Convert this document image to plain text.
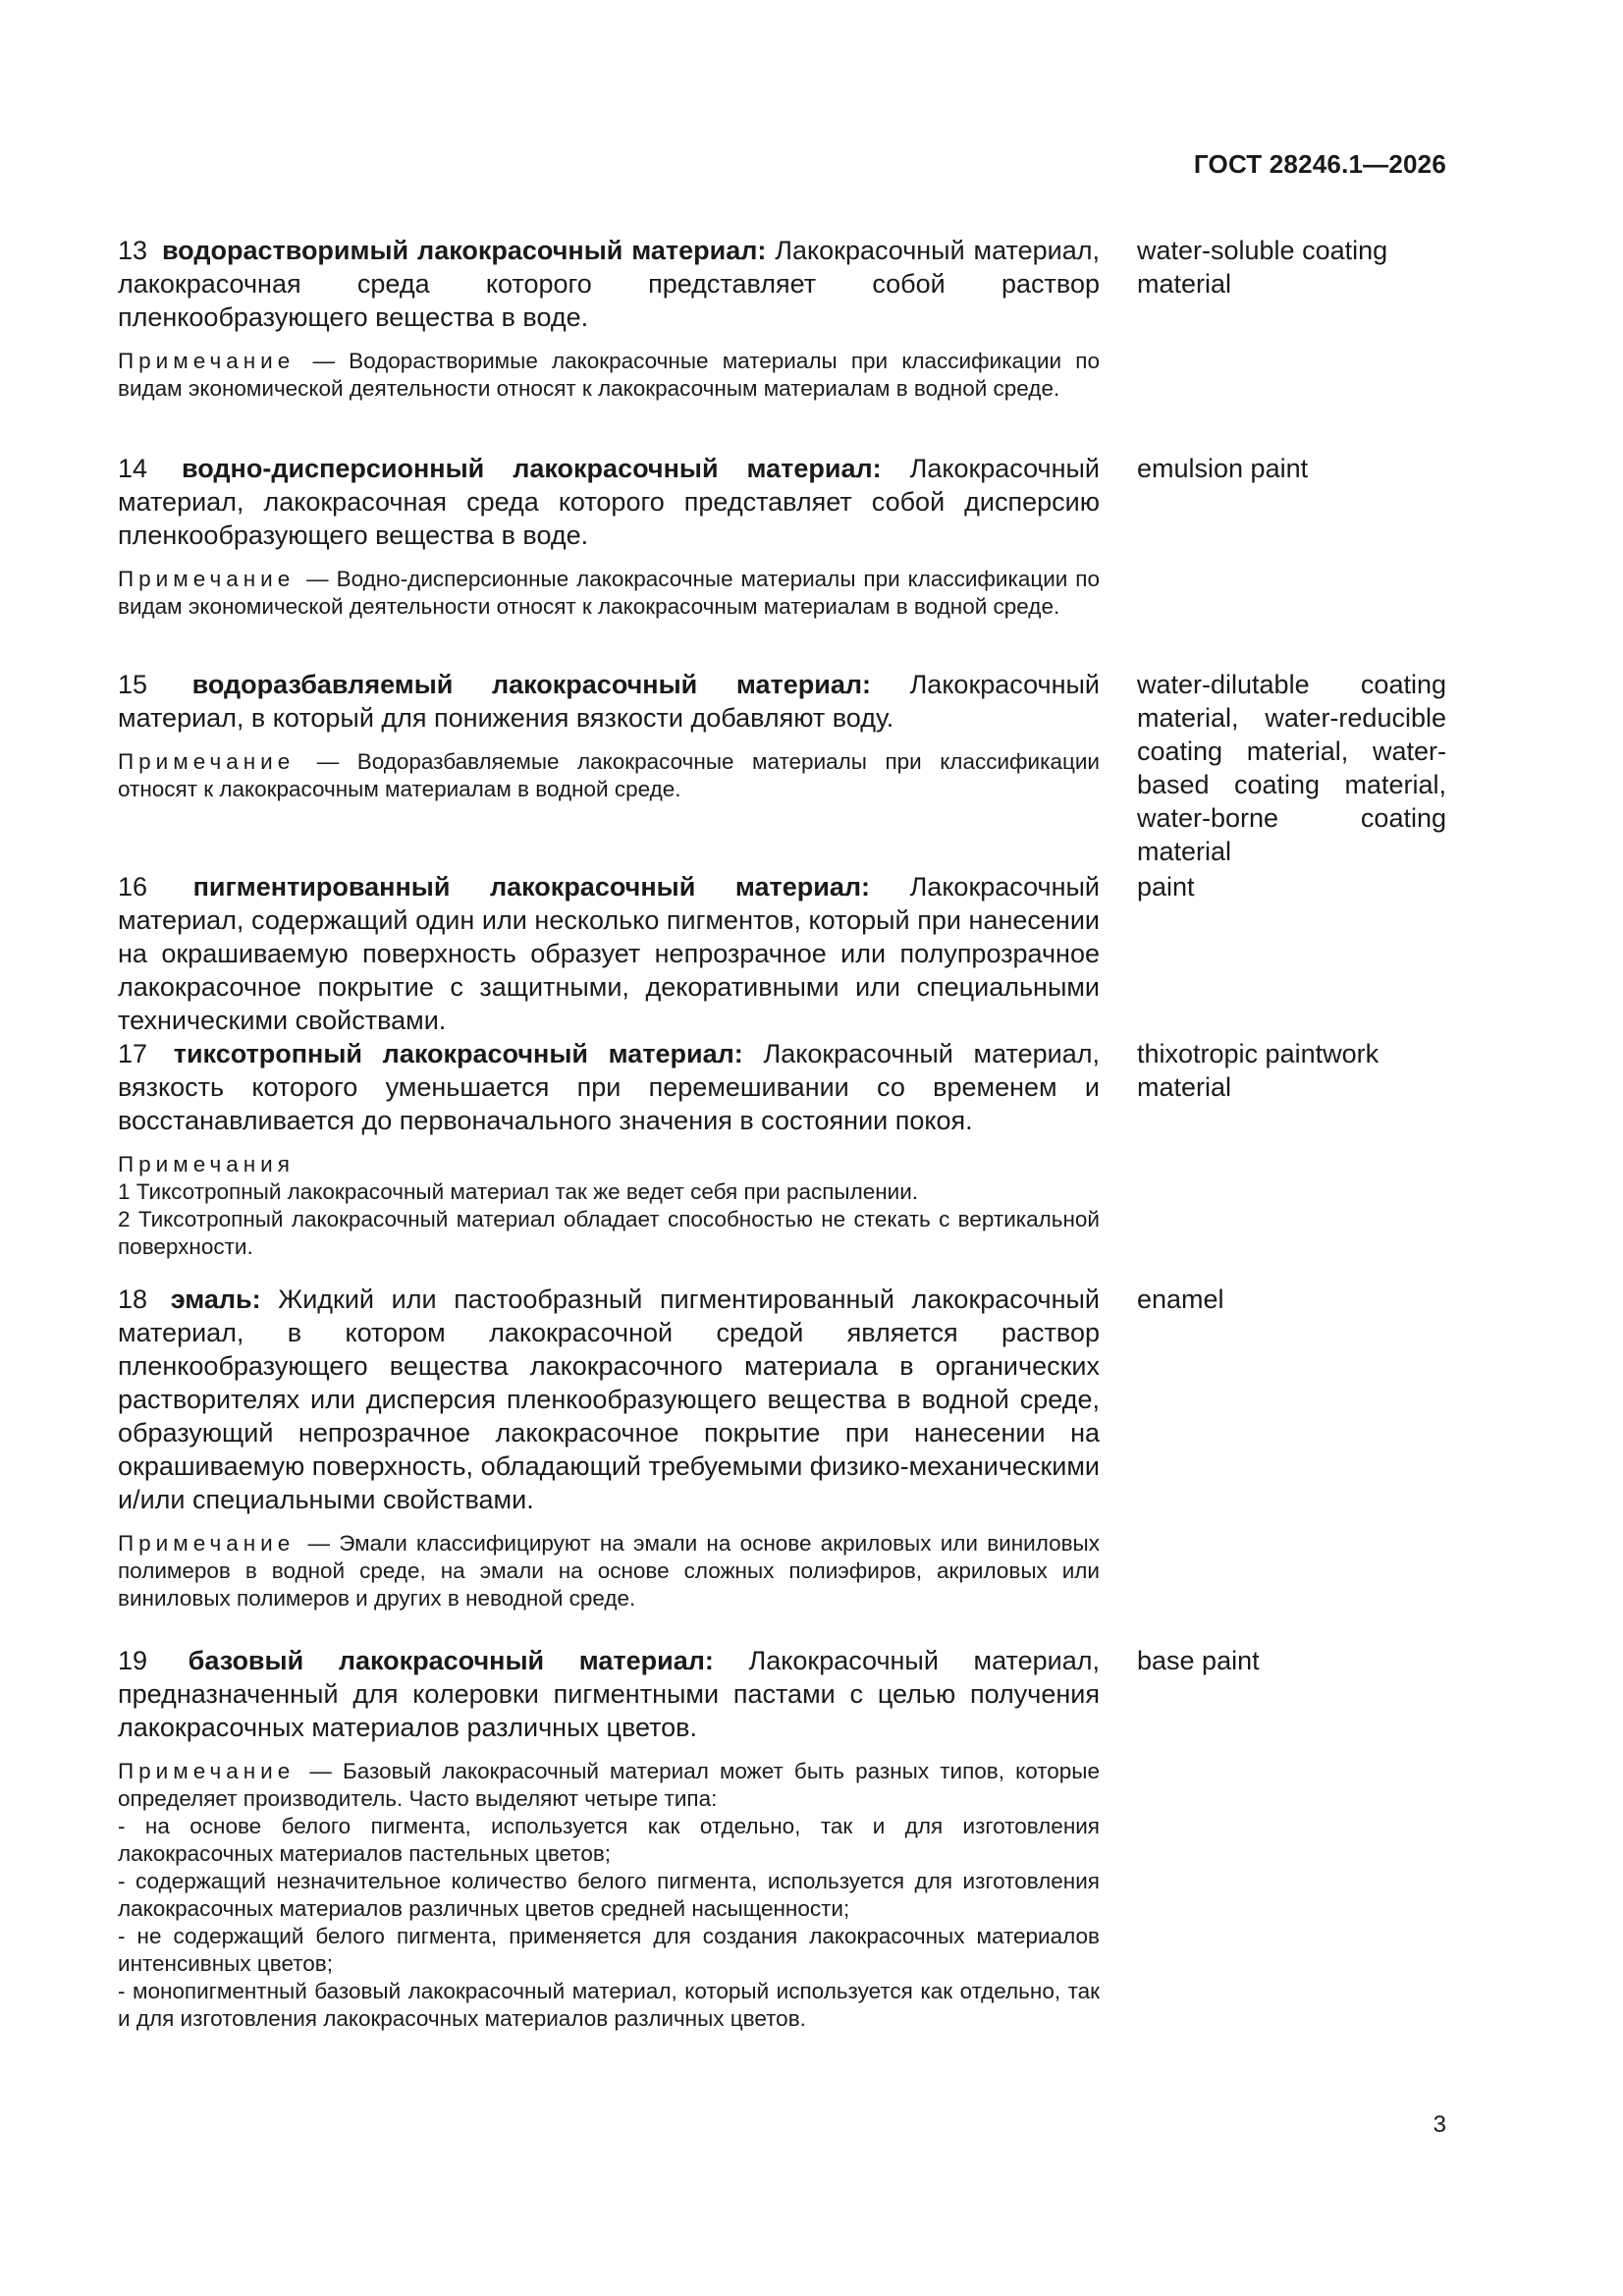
ГОСТ 28246.1—2026

13 водорастворимый лакокрасочный материал: Лакокрасочный материал, лакокрасочная среда которого представляет собой раствор пленкообразующего вещества в воде.

Примечание — Водорастворимые лакокрасочные материалы при классификации по видам экономической деятельности относят к лакокрасочным материалам в водной среде.

water-soluble coating material

14 водно-дисперсионный лакокрасочный материал: Лакокрасочный материал, лакокрасочная среда которого представляет собой дисперсию пленкообразующего вещества в воде.

Примечание — Водно-дисперсионные лакокрасочные материалы при классификации по видам экономической деятельности относят к лакокрасочным материалам в водной среде.

emulsion paint

15 водоразбавляемый лакокрасочный материал: Лакокрасочный материал, в который для понижения вязкости добавляют воду.

Примечание — Водоразбавляемые лакокрасочные материалы при классификации относят к лакокрасочным материалам в водной среде.

water-dilutable coating material, water-reducible coating material, water-based coating material, water-borne coating material

16 пигментированный лакокрасочный материал: Лакокрасочный материал, содержащий один или несколько пигментов, который при нанесении на окрашиваемую поверхность образует непрозрачное или полупрозрачное лакокрасочное покрытие с защитными, декоративными или специальными техническими свойствами.

paint

17 тиксотропный лакокрасочный материал: Лакокрасочный материал, вязкость которого уменьшается при перемешивании со временем и восстанавливается до первоначального значения в состоянии покоя.

Примечания
1 Тиксотропный лакокрасочный материал так же ведет себя при распылении.
2 Тиксотропный лакокрасочный материал обладает способностью не стекать с вертикальной поверхности.

thixotropic paintwork material

18 эмаль: Жидкий или пастообразный пигментированный лакокрасочный материал, в котором лакокрасочной средой является раствор пленкообразующего вещества лакокрасочного материала в органических растворителях или дисперсия пленкообразующего вещества в водной среде, образующий непрозрачное лакокрасочное покрытие при нанесении на окрашиваемую поверхность, обладающий требуемыми физико-механическими и/или специальными свойствами.

Примечание — Эмали классифицируют на эмали на основе акриловых или виниловых полимеров в водной среде, на эмали на основе сложных полиэфиров, акриловых или виниловых полимеров и других в неводной среде.

enamel

19 базовый лакокрасочный материал: Лакокрасочный материал, предназначенный для колеровки пигментными пастами с целью получения лакокрасочных материалов различных цветов.

Примечание — Базовый лакокрасочный материал может быть разных типов, которые определяет производитель. Часто выделяют четыре типа:
- на основе белого пигмента, используется как отдельно, так и для изготовления лакокрасочных материалов пастельных цветов;
- содержащий незначительное количество белого пигмента, используется для изготовления лакокрасочных материалов различных цветов средней насыщенности;
- не содержащий белого пигмента, применяется для создания лакокрасочных материалов интенсивных цветов;
- монопигментный базовый лакокрасочный материал, который используется как отдельно, так и для изготовления лакокрасочных материалов различных цветов.

base paint
3
